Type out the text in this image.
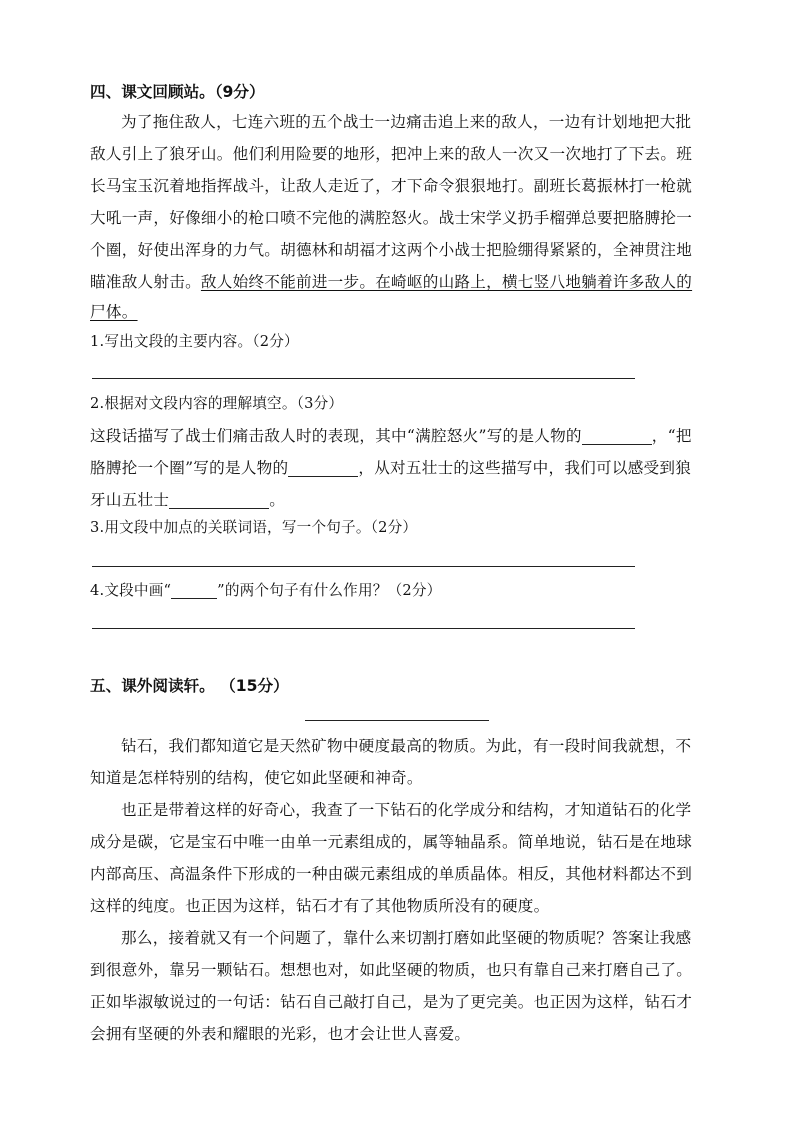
四、课文回顾站。（9分）
为了拖住敌人，七连六班的五个战士一边痛击追上来的敌人，一边有计划地把大批
敌人引上了狼牙山。他们利用险要的地形，把冲上来的敌人一次又一次地打了下去。班
长马宝玉沉着地指挥战斗，让敌人走近了，才下命令狠狠地打。副班长葛振林打一枪就
大吼一声，好像细小的枪口喷不完他的满腔怒火。战士宋学义扔手榴弹总要把胳膊抡一
个圈，好使出浑身的力气。胡德林和胡福才这两个小战士把脸绷得紧紧的，全神贯注地
瞄准敌人射击。敌人始终不能前进一步。在崎岖的山路上，横七竖八地躺着许多敌人的
尸体。
1.写出文段的主要内容。（2分）
2.根据对文段内容的理解填空。（3分）
这段话描写了战士们痛击敌人时的表现，其中“满腔怒火”写的是人物的	，“把
胳膊抡一个圈”写的是人物的	，从对五壮士的这些描写中，我们可以感受到狼
牙山五壮士	。
3.用文段中加点的关联词语，写一个句子。（2分）
4.文段中画“	”的两个句子有什么作用？（2分）
五、课外阅读轩。 （15分）
钻石，我们都知道它是天然矿物中硬度最高的物质。为此，有一段时间我就想，不
知道是怎样特别的结构，使它如此坚硬和神奇。
也正是带着这样的好奇心，我查了一下钻石的化学成分和结构，才知道钻石的化学
成分是碳，它是宝石中唯一由单一元素组成的，属等轴晶系。简单地说，钻石是在地球
内部高压、高温条件下形成的一种由碳元素组成的单质晶体。相反，其他材料都达不到
这样的纯度。也正因为这样，钻石才有了其他物质所没有的硬度。
那么，接着就又有一个问题了，靠什么来切割打磨如此坚硬的物质呢？答案让我感
到很意外，靠另一颗钻石。想想也对，如此坚硬的物质，也只有靠自己来打磨自己了。
正如毕淑敏说过的一句话：钻石自己敲打自己，是为了更完美。也正因为这样，钻石才
会拥有坚硬的外表和耀眼的光彩，也才会让世人喜爱。
